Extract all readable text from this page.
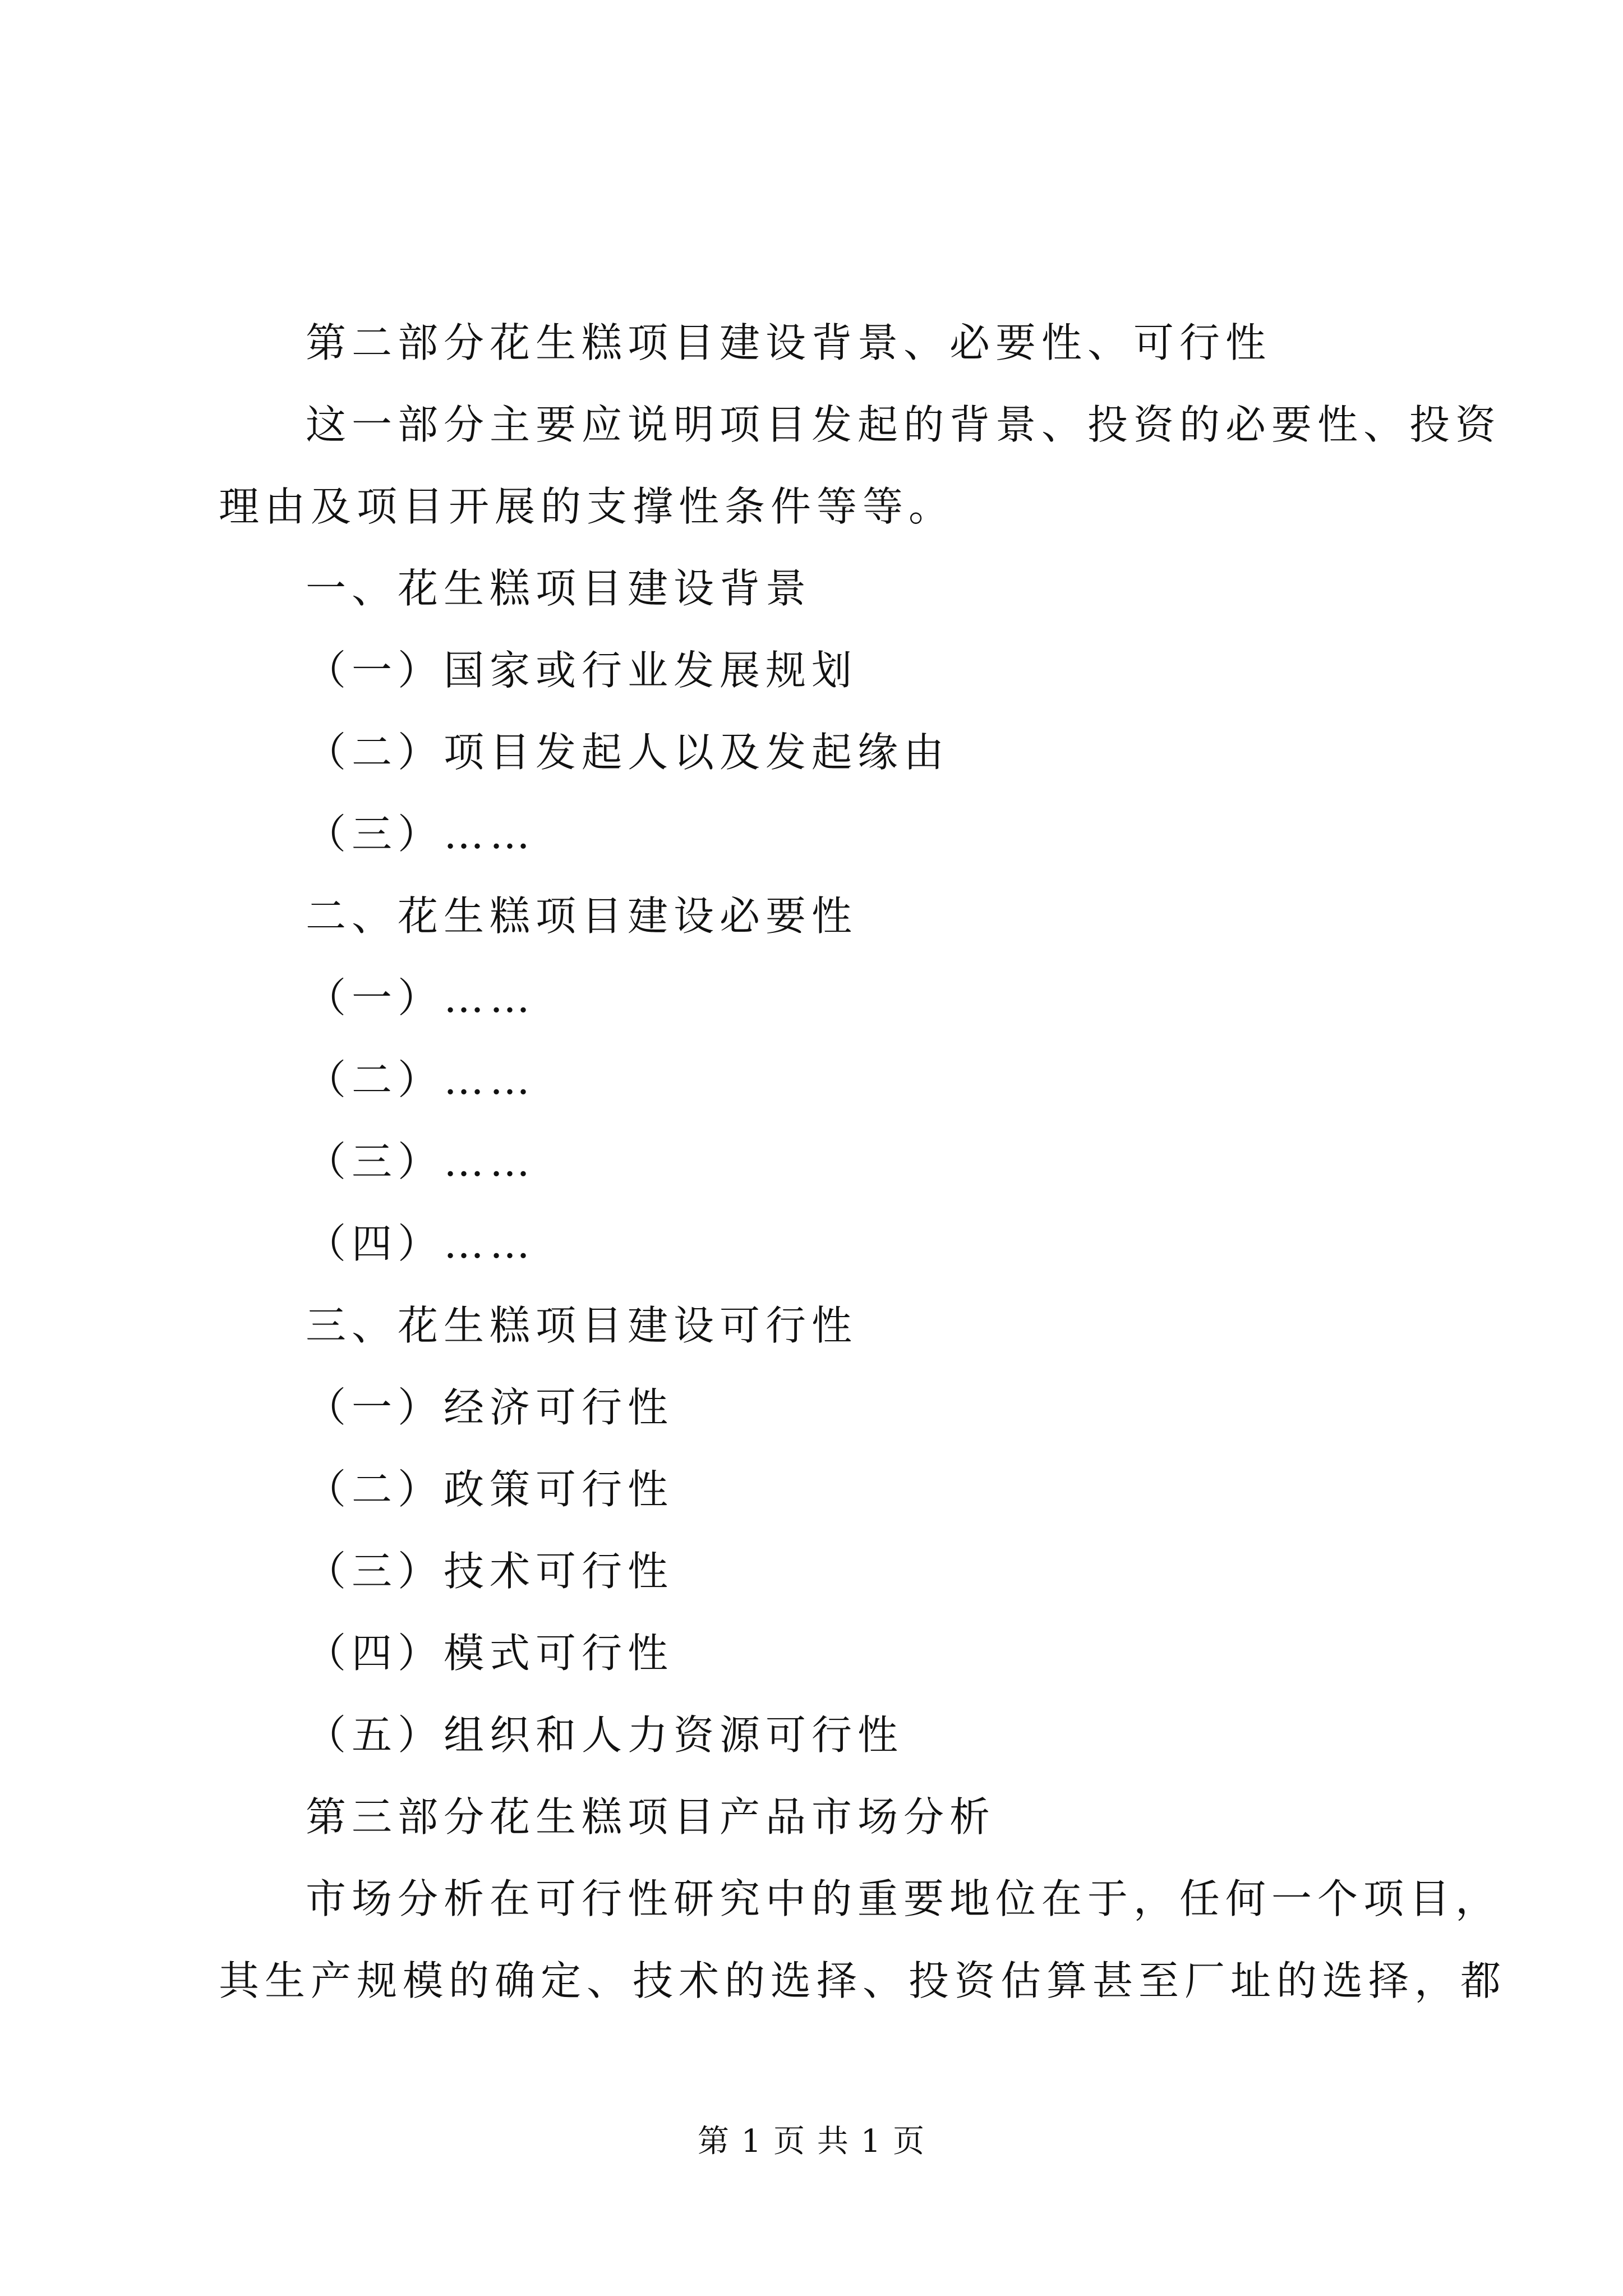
第二部分花生糕项目建设背景、必要性、可行性
这一部分主要应说明项目发起的背景、投资的必要性、投资
理由及项目开展的支撑性条件等等。
一、花生糕项目建设背景
（一）国家或行业发展规划
（二）项目发起人以及发起缘由
（三）……
二、花生糕项目建设必要性
（一）……
（二）……
（三）……
（四）……
三、花生糕项目建设可行性
（一）经济可行性
（二）政策可行性
（三）技术可行性
（四）模式可行性
（五）组织和人力资源可行性
第三部分花生糕项目产品市场分析
市场分析在可行性研究中的重要地位在于，任何一个项目，
其生产规模的确定、技术的选择、投资估算甚至厂址的选择，都
第 1 页 共 1 页
